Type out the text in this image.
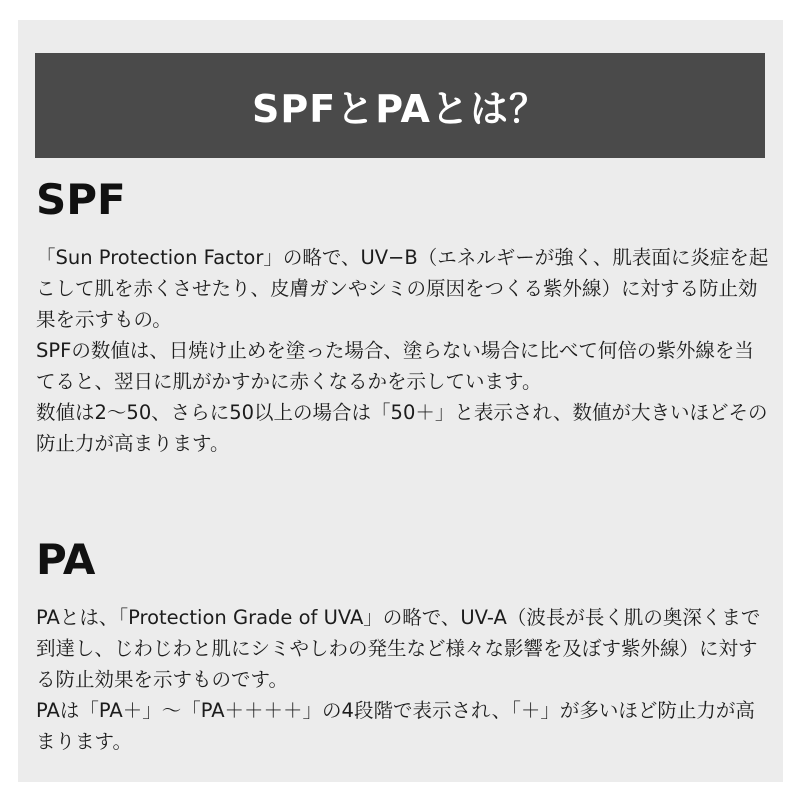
SPFとPAとは？
SPF

「Sun Protection Factor」の略で、UV−B（エネルギーが強く、肌表面に炎症を起こして肌を赤くさせたり、皮膚ガンやシミの原因をつくる紫外線）に対する防止効果を示すもの。

SPFの数値は、日焼け止めを塗った場合、塗らない場合に比べて何倍の紫外線を当てると、翌日に肌がかすかに赤くなるかを示しています。

数値は2〜50、さらに50以上の場合は「50＋」と表示され、数値が大きいほどその防止力が高まります。

PA

PAとは、「Protection Grade of UVA」の略で、UV-A（波長が長く肌の奥深くまで到達し、じわじわと肌にシミやしわの発生など様々な影響を及ぼす紫外線）に対する防止効果を示すものです。

PAは「PA＋」〜「PA＋＋＋＋」の4段階で表示され、「＋」が多いほど防止力が高まります。
